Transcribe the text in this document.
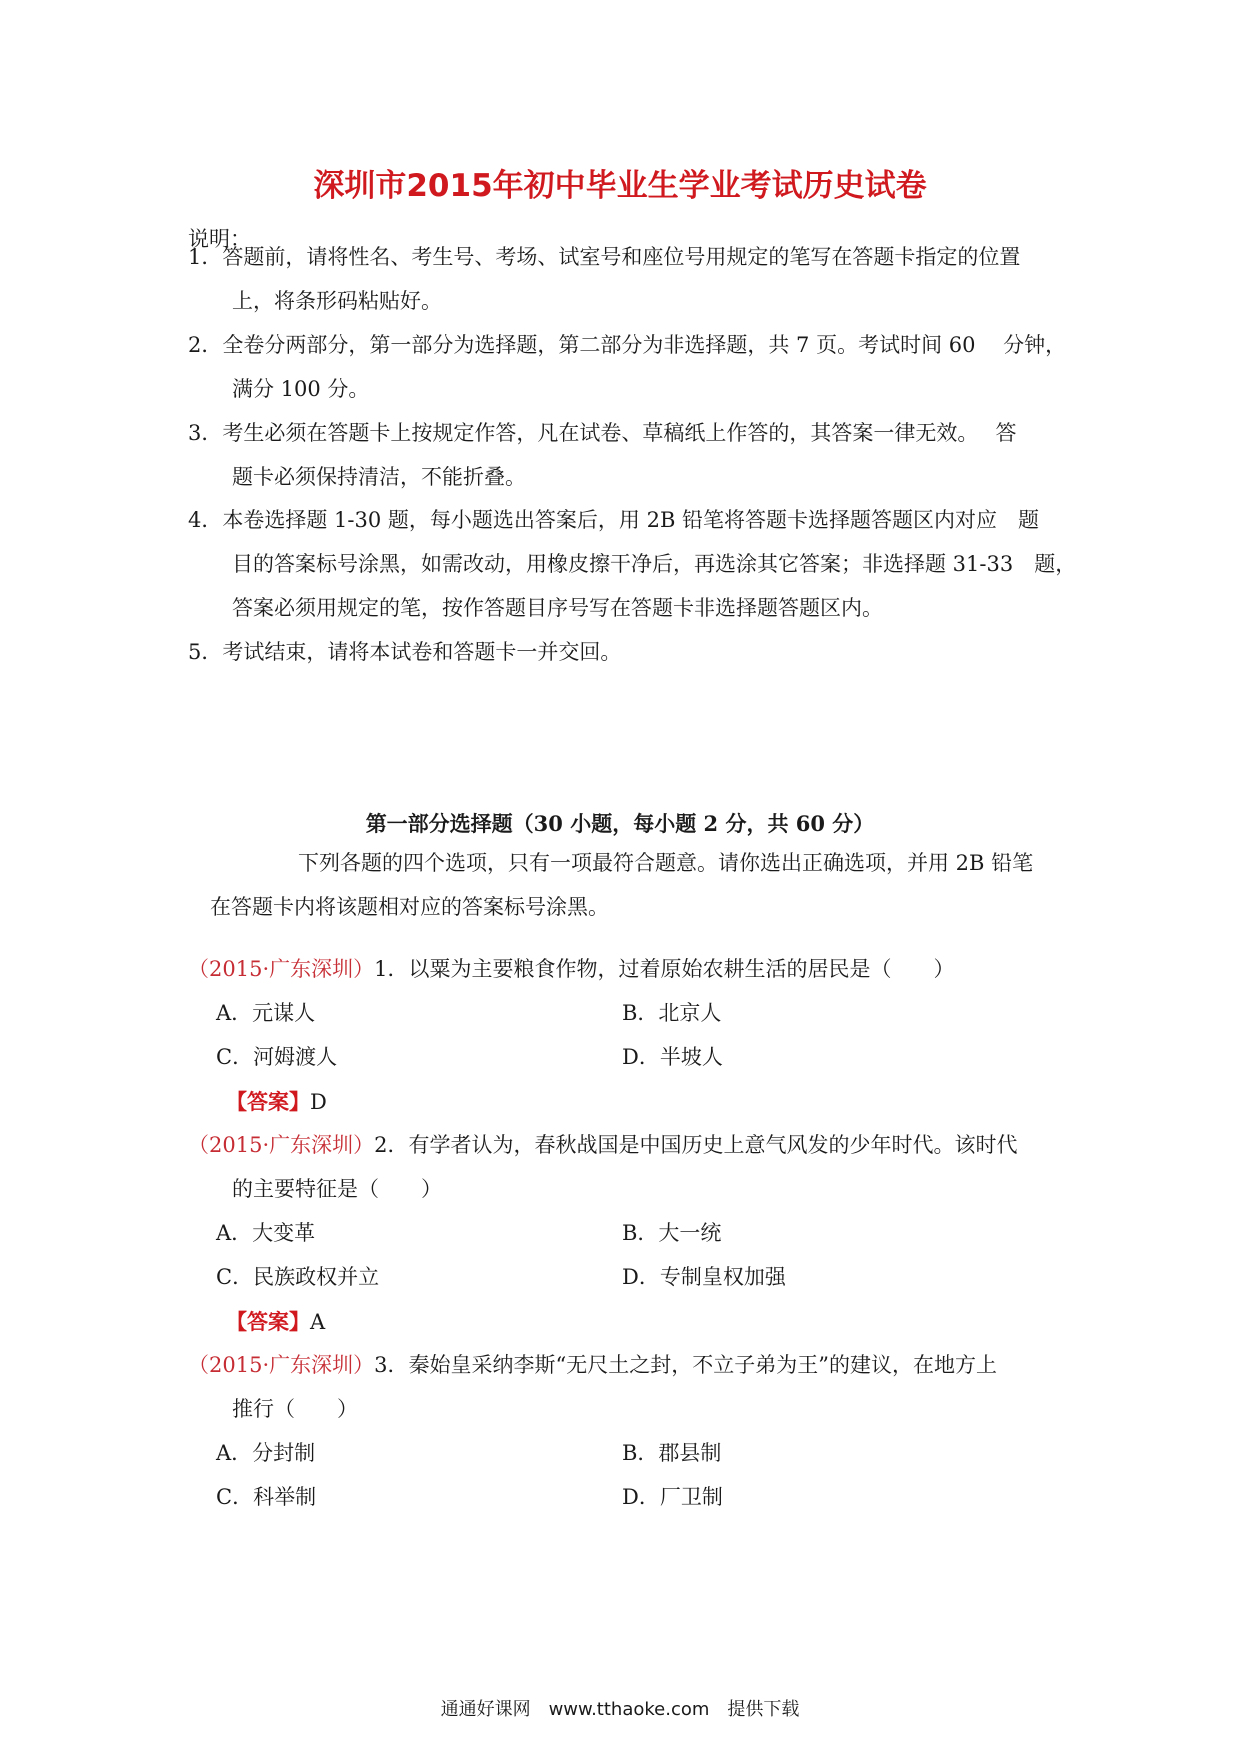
深圳市2015年初中毕业生学业考试历史试卷
说明：
1．答题前，请将性名、考生号、考场、试室号和座位号用规定的笔写在答题卡指定的位置
上，将条形码粘贴好。
2．全卷分两部分，第一部分为选择题，第二部分为非选择题，共 7 页。考试时间 60　 分钟，
满分 100 分。
3．考生必须在答题卡上按规定作答，凡在试卷、草稿纸上作答的，其答案一律无效。　 答
题卡必须保持清洁，不能折叠。
4．本卷选择题 1-30 题，每小题选出答案后，用 2B 铅笔将答题卡选择题答题区内对应　题
目的答案标号涂黑，如需改动，用橡皮擦干净后，再选涂其它答案；非选择题 31-33　题，
答案必须用规定的笔，按作答题目序号写在答题卡非选择题答题区内。
5．考试结束，请将本试卷和答题卡一并交回。
第一部分选择题（30 小题，每小题 2 分，共 60 分）
下列各题的四个选项，只有一项最符合题意。请你选出正确选项，并用 2B 铅笔
在答题卡内将该题相对应的答案标号涂黑。
（2015·广东深圳）1．以粟为主要粮食作物，过着原始农耕生活的居民是（　　）
A．元谋人	B．北京人
C．河姆渡人	D．半坡人
【答案】D
（2015·广东深圳）2．有学者认为，春秋战国是中国历史上意气风发的少年时代。该时代
的主要特征是（　　）
A．大变革	B．大一统
C．民族政权并立	D．专制皇权加强
【答案】A
（2015·广东深圳）3．秦始皇采纳李斯“无尺土之封，不立子弟为王”的建议，在地方上
推行（　　）
A．分封制	B．郡县制
C．科举制	D．厂卫制
通通好课网　www.tthaoke.com　提供下载
